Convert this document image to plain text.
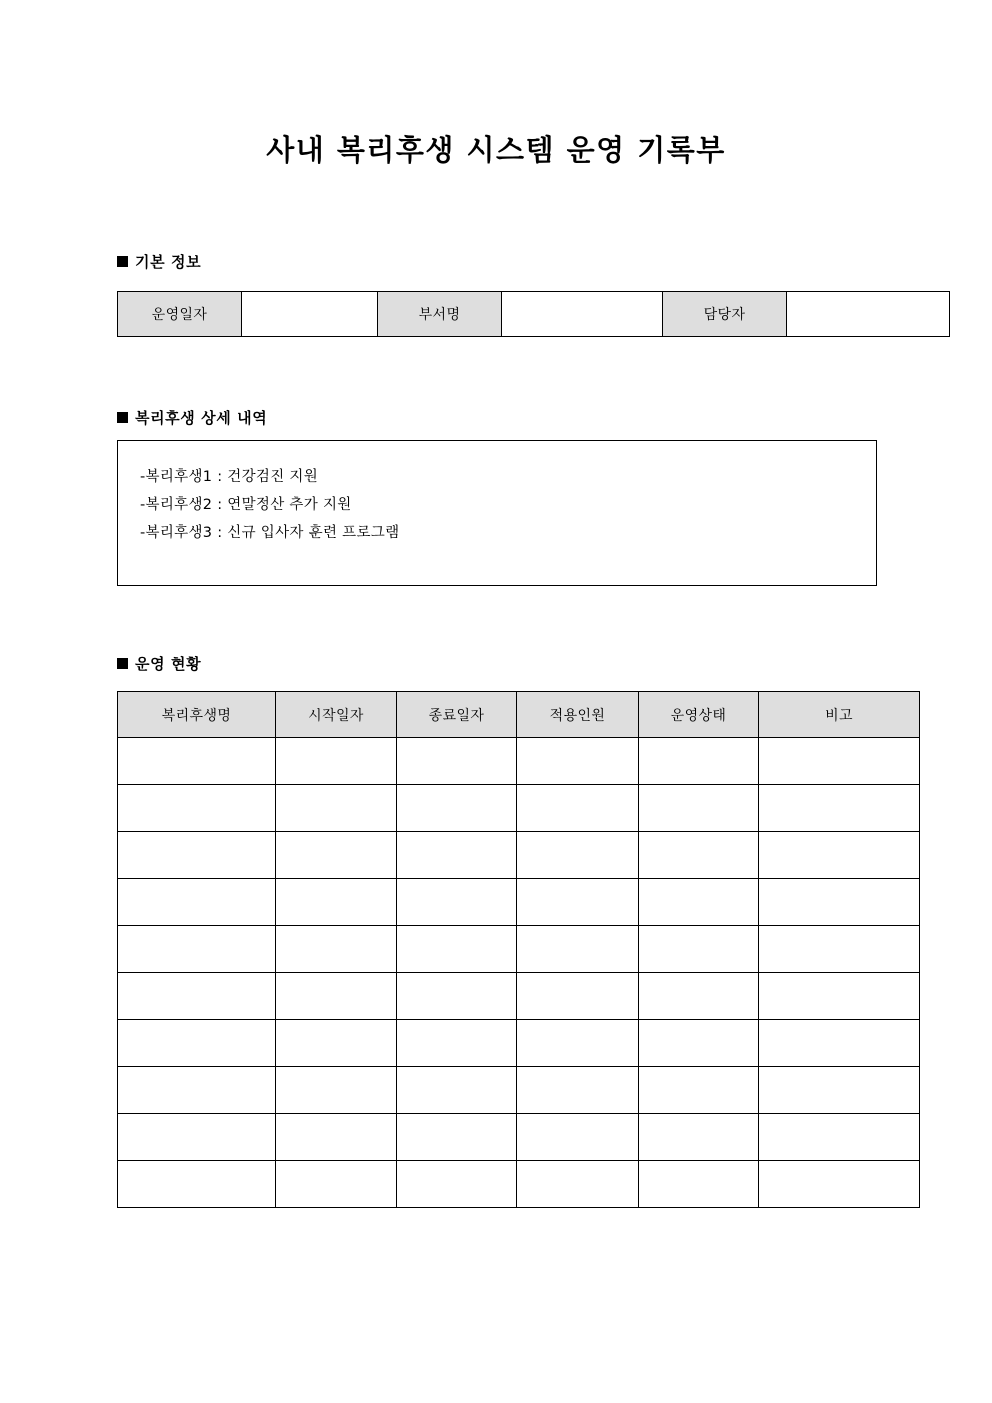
사내 복리후생 시스템 운영 기록부
기본 정보
운영일자		부서명		담당자	
복리후생 상세 내역
-복리후생1 : 건강검진 지원
-복리후생2 : 연말정산 추가 지원
-복리후생3 : 신규 입사자 훈련 프로그램
운영 현황
복리후생명	시작일자	종료일자	적용인원	운영상태	비고
